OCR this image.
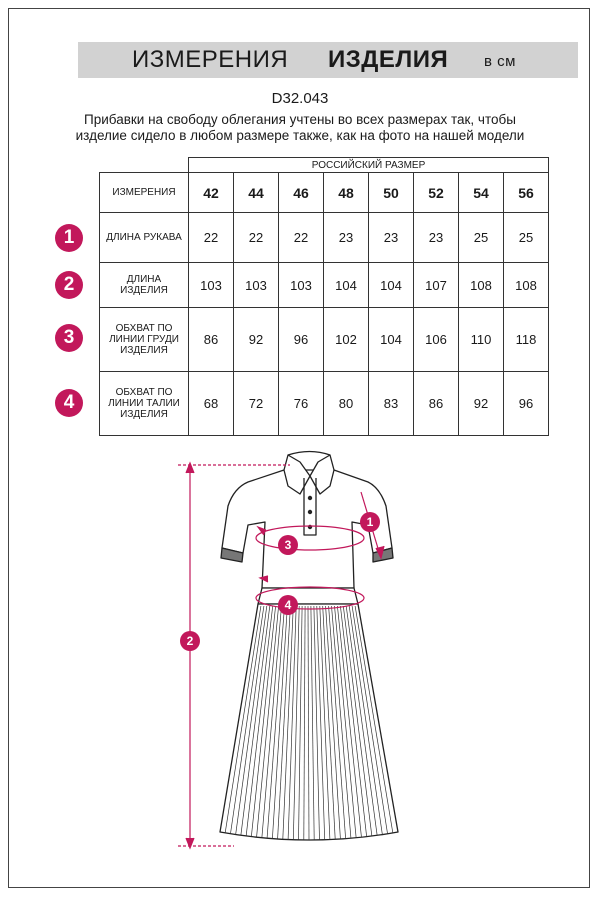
ИЗМЕРЕНИЯ ИЗДЕЛИЯ в см
D32.043
Прибавки на свободу облегания учтены во всех размерах так, чтобы
изделие сидело в любом размере также, как на фото на нашей модели
	РОССИЙСКИЙ РАЗМЕР							
ИЗМЕРЕНИЯ	42	44	46	48	50	52	54	56
ДЛИНА РУКАВА	22	22	22	23	23	23	25	25
ДЛИНА ИЗДЕЛИЯ	103	103	103	104	104	107	108	108
ОБХВАТ ПО ЛИНИИ ГРУДИ ИЗДЕЛИЯ	86	92	96	102	104	106	110	118
ОБХВАТ ПО ЛИНИИ ТАЛИИ ИЗДЕЛИЯ	68	72	76	80	83	86	92	96
1
2
3
4
2
1
3
4
